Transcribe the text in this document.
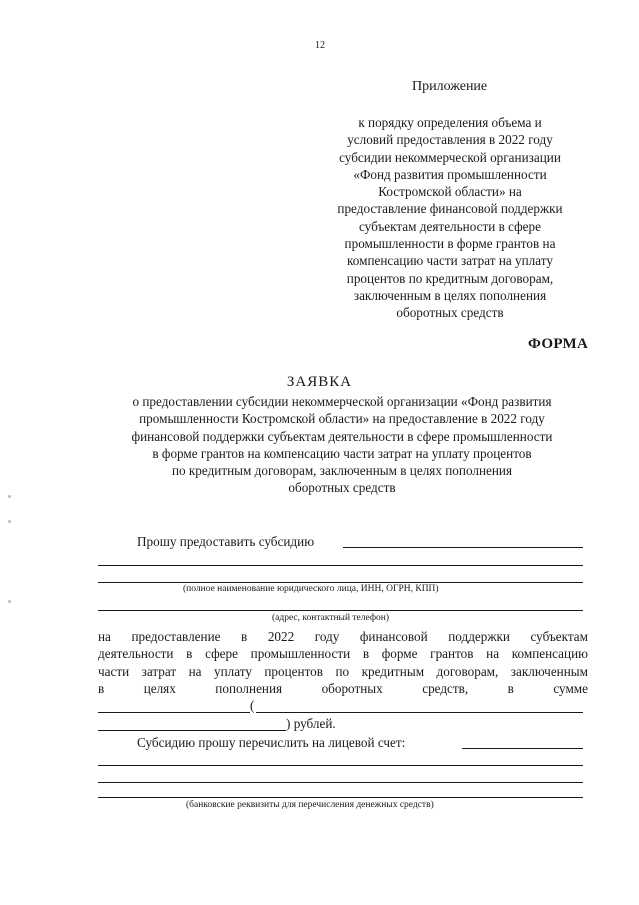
12
Приложение
к порядку определения объема и
условий предоставления в 2022 году
субсидии некоммерческой организации
«Фонд развития промышленности
Костромской области» на
предоставление финансовой поддержки
субъектам деятельности в сфере
промышленности в форме грантов на
компенсацию части затрат на уплату
процентов по кредитным договорам,
заключенным в целях пополнения
оборотных средств
ФОРМА
ЗАЯВКА
о предоставлении субсидии некоммерческой организации «Фонд развития
промышленности Костромской области» на предоставление в 2022 году
финансовой поддержки субъектам деятельности в сфере промышленности
в форме грантов на компенсацию части затрат на уплату процентов
по кредитным договорам, заключенным в целях пополнения
оборотных средств
Прошу предоставить субсидию
(полное наименование юридического лица, ИНН, ОГРН, КПП)
(адрес, контактный телефон)
на предоставление в 2022 году финансовой поддержки субъектам
деятельности в сфере промышленности в форме грантов на компенсацию
части затрат на уплату процентов по кредитным договорам, заключенным
в целях пополнения оборотных средств, в сумме
(
) рублей.
Субсидию прошу перечислить на лицевой счет:
(банковские реквизиты для перечисления денежных средств)
